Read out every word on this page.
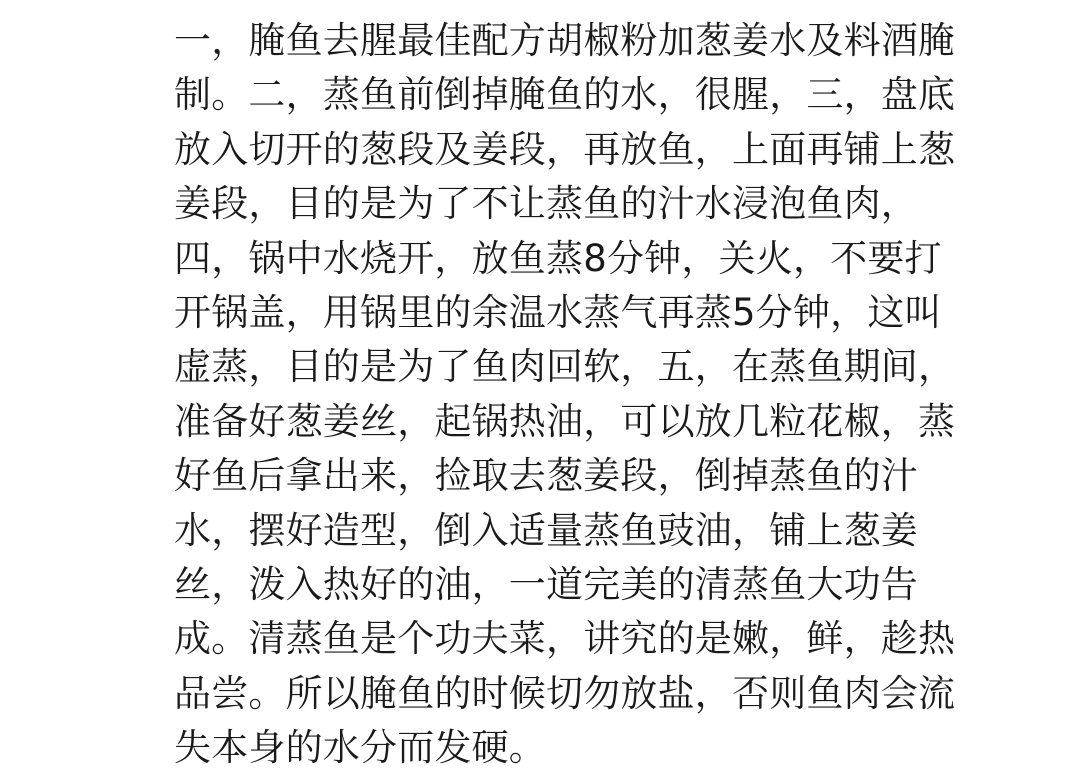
一，腌鱼去腥最佳配方胡椒粉加葱姜水及料酒腌
制。二，蒸鱼前倒掉腌鱼的水，很腥，三，盘底
放入切开的葱段及姜段，再放鱼，上面再铺上葱
姜段，目的是为了不让蒸鱼的汁水浸泡鱼肉，
四，锅中水烧开，放鱼蒸8分钟，关火，不要打
开锅盖，用锅里的余温水蒸气再蒸5分钟，这叫
虚蒸，目的是为了鱼肉回软，五，在蒸鱼期间，
准备好葱姜丝，起锅热油，可以放几粒花椒，蒸
好鱼后拿出来，捡取去葱姜段，倒掉蒸鱼的汁
水，摆好造型，倒入适量蒸鱼豉油，铺上葱姜
丝，泼入热好的油，一道完美的清蒸鱼大功告
成。清蒸鱼是个功夫菜，讲究的是嫩，鲜，趁热
品尝。所以腌鱼的时候切勿放盐，否则鱼肉会流
失本身的水分而发硬。
